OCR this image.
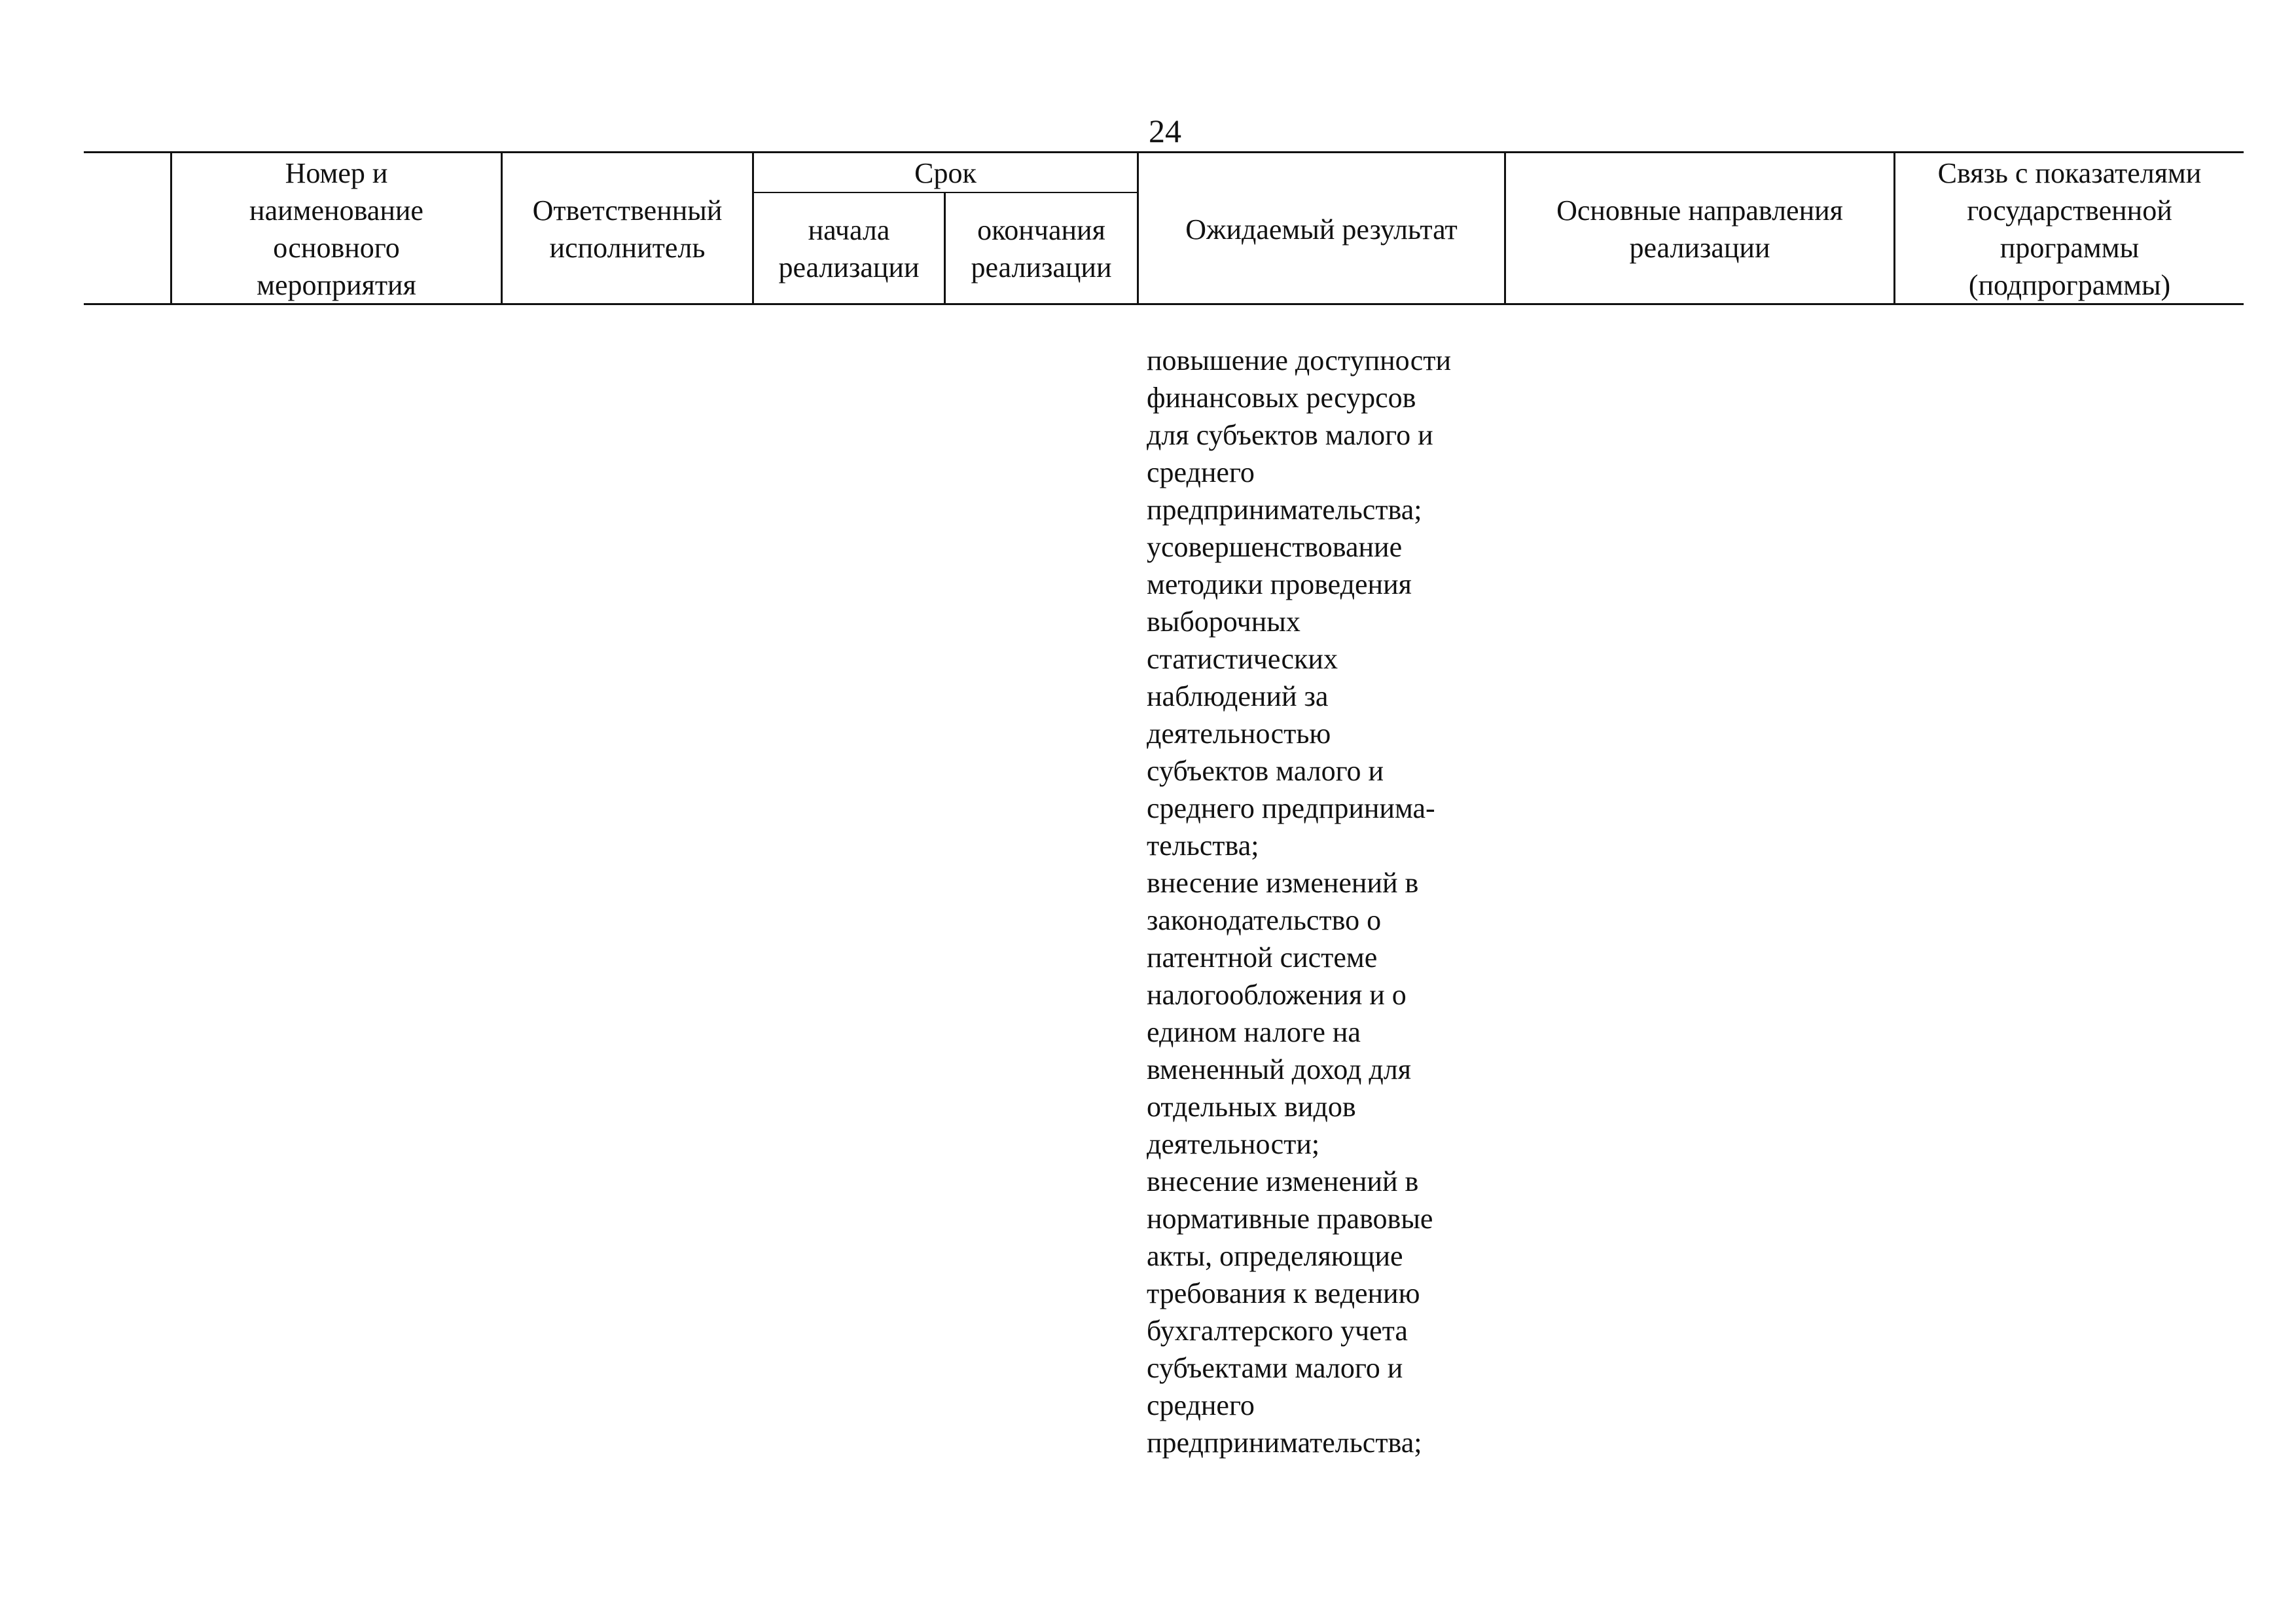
24
Номер и
наименование
основного
мероприятия
Ответственный
исполнитель
Срок
начала
реализации
окончания
реализации
Ожидаемый результат
Основные направления
реализации
Связь с показателями
государственной
программы
(подпрограммы)
повышение доступности
финансовых ресурсов
для субъектов малого и
среднего
предпринимательства;
усовершенствование
методики проведения
выборочных
статистических
наблюдений за
деятельностью
субъектов малого и
среднего предпринима-
тельства;
внесение изменений в
законодательство о
патентной системе
налогообложения и о
едином налоге на
вмененный доход для
отдельных видов
деятельности;
внесение изменений в
нормативные правовые
акты, определяющие
требования к ведению
бухгалтерского учета
субъектами малого и
среднего
предпринимательства;
